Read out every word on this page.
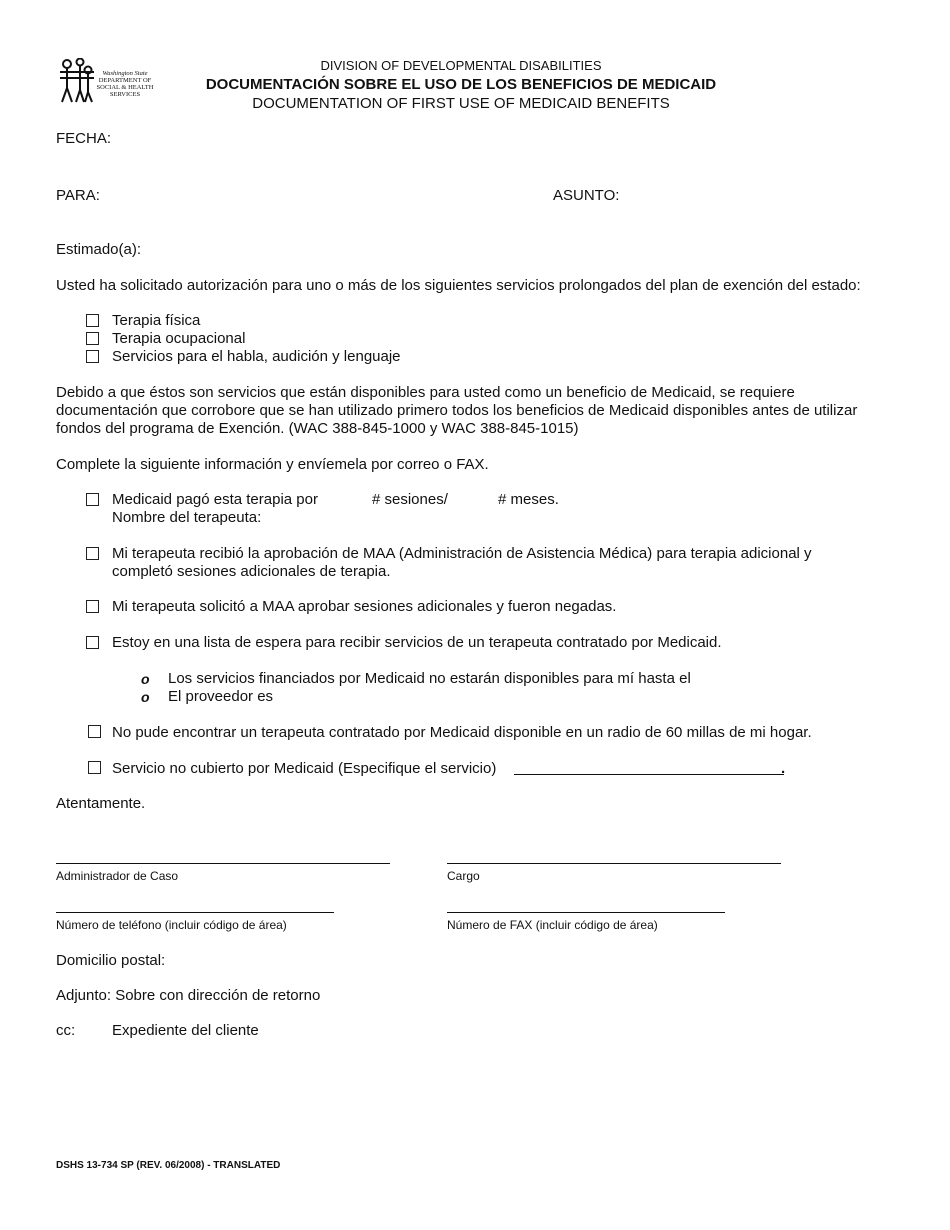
Washington State
DEPARTMENT OF
SOCIAL & HEALTH
SERVICES
DIVISION OF DEVELOPMENTAL DISABILITIES
DOCUMENTACIÓN SOBRE EL USO DE LOS BENEFICIOS DE MEDICAID
DOCUMENTATION OF FIRST USE OF MEDICAID BENEFITS
FECHA:
PARA:	ASUNTO:
Estimado(a):
Usted ha solicitado autorización para uno o más de los siguientes servicios prolongados del plan de exención del estado:
Terapia física
Terapia ocupacional
Servicios para el habla, audición y lenguaje
Debido a que éstos son servicios que están disponibles para usted como un beneficio de Medicaid, se requiere
documentación que corrobore que se han utilizado primero todos los beneficios de Medicaid disponibles antes de utilizar
fondos del programa de Exención. (WAC 388-845-1000 y WAC 388-845-1015)
Complete la siguiente información y envíemela por correo o FAX.
Medicaid pagó esta terapia por	# sesiones/	# meses.
Nombre del terapeuta:
Mi terapeuta recibió la aprobación de MAA (Administración de Asistencia Médica) para terapia adicional y
completó sesiones adicionales de terapia.
Mi terapeuta solicitó a MAA aprobar sesiones adicionales y fueron negadas.
Estoy en una lista de espera para recibir servicios de un terapeuta contratado por Medicaid.
o Los servicios financiados por Medicaid no estarán disponibles para mí hasta el
o El proveedor es
No pude encontrar un terapeuta contratado por Medicaid disponible en un radio de 60 millas de mi hogar.
Servicio no cubierto por Medicaid (Especifique el servicio)	.
Atentamente.
Administrador de Caso	Cargo
Número de teléfono (incluir código de área)	Número de FAX (incluir código de área)
Domicilio postal:
Adjunto: Sobre con dirección de retorno
cc: Expediente del cliente
DSHS 13-734 SP (REV. 06/2008) - TRANSLATED
